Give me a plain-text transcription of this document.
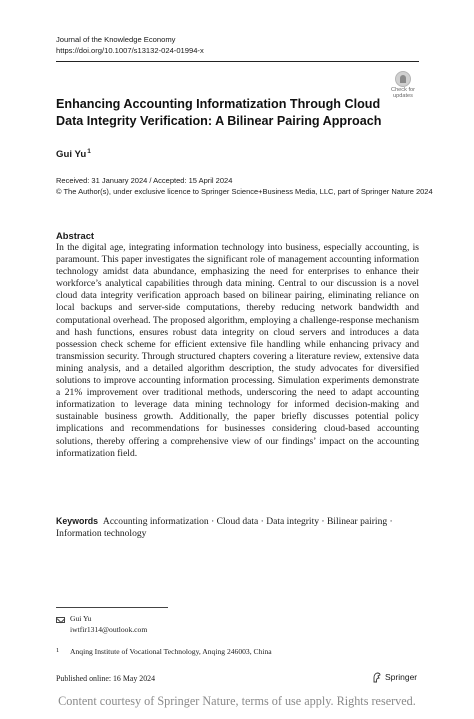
Journal of the Knowledge Economy
https://doi.org/10.1007/s13132-024-01994-x
Check for
updates
Enhancing Accounting Informatization Through Cloud Data Integrity Verification: A Bilinear Pairing Approach
Gui Yu$^1$
Received: 31 January 2024 / Accepted: 15 April 2024
© The Author(s), under exclusive licence to Springer Science+Business Media, LLC, part of Springer Nature 2024
Abstract

In the digital age, integrating information technology into business, especially accounting, is paramount. This paper investigates the significant role of management accounting information technology amidst data abundance, emphasizing the need for enterprises to enhance their workforce’s analytical capabilities through data mining. Central to our discussion is a novel cloud data integrity verification approach based on bilinear pairing, eliminating reliance on local backups and server-side computations, thereby reducing network bandwidth and computational overhead. The proposed algorithm, employing a challenge-response mechanism and hash functions, ensures robust data integrity on cloud servers and introduces a data possession check scheme for efficient extensive file handling while enhancing privacy and transmission security. Through structured chapters covering a literature review, extensive data mining analysis, and a detailed algorithm description, the study advocates for diversified solutions to improve accounting information processing. Simulation experiments demonstrate a 21% improvement over traditional methods, underscoring the need to adapt accounting informatization to leverage data mining technology for informed decision-making and sustainable business growth. Additionally, the paper briefly discusses potential policy implications and recommendations for businesses considering cloud-based accounting solutions, thereby offering a comprehensive view of our findings’ impact on the accounting informatization field.

Keywords Accounting informatization · Cloud data · Data integrity · Bilinear pairing · Information technology
Gui Yu
iwtfir1314@outlook.com
1 Anqing Institute of Vocational Technology, Anqing 246003, China
Published online: 16 May 2024	Springer
Content courtesy of Springer Nature, terms of use apply. Rights reserved.
